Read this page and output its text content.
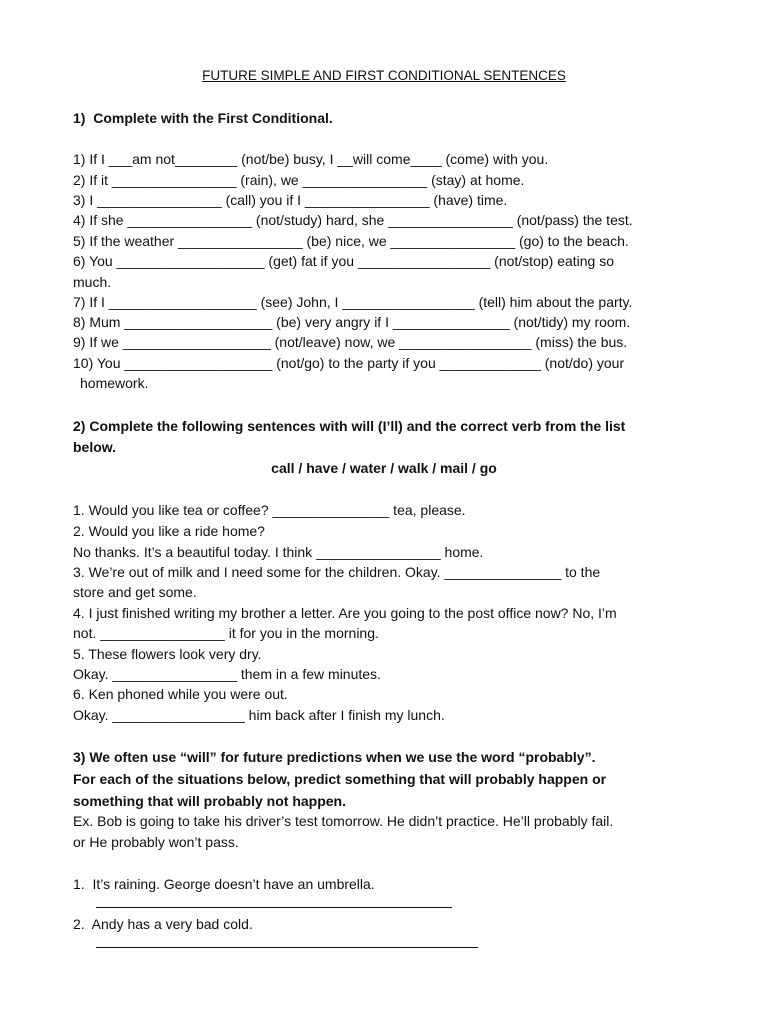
FUTURE SIMPLE AND FIRST CONDITIONAL SENTENCES
1)  Complete with the First Conditional.
1) If I ___am not________ (not/be) busy, I __will come____ (come) with you.
2) If it ________________ (rain), we ________________ (stay) at home.
3) I ________________ (call) you if I ________________ (have) time.
4) If she ________________ (not/study) hard, she ________________ (not/pass) the test.
5) If the weather ________________ (be) nice, we ________________ (go) to the beach.
6) You ___________________ (get) fat if you _________________ (not/stop) eating so
much.
7) If I ___________________ (see) John, I _________________ (tell) him about the party.
8) Mum ___________________ (be) very angry if I _______________ (not/tidy) my room.
9) If we ___________________ (not/leave) now, we _________________ (miss) the bus.
10) You ___________________ (not/go) to the party if you _____________ (not/do) your
homework.
2) Complete the following sentences with will (I’ll) and the correct verb from the list
below.
call / have / water / walk / mail / go
1. Would you like tea or coffee? _______________ tea, please.
2. Would you like a ride home?
No thanks. It’s a beautiful today. I think ________________ home.
3. We’re out of milk and I need some for the children. Okay. _______________ to the
store and get some.
4. I just finished writing my brother a letter. Are you going to the post office now? No, I’m
not. ________________ it for you in the morning.
5. These flowers look very dry.
Okay. ________________ them in a few minutes.
6. Ken phoned while you were out.
Okay. _________________ him back after I finish my lunch.
3) We often use “will” for future predictions when we use the word “probably”.
For each of the situations below, predict something that will probably happen or
something that will probably not happen.
Ex. Bob is going to take his driver’s test tomorrow. He didn’t practice. He’ll probably fail.
or He probably won’t pass.
1.  It’s raining. George doesn’t have an umbrella.
2.  Andy has a very bad cold.
